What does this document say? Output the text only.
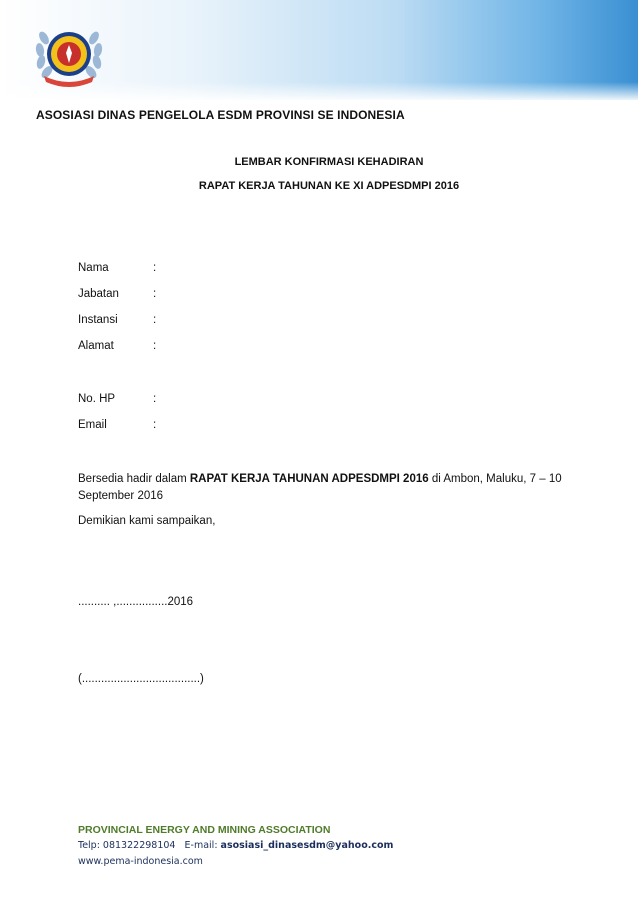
ASOSIASI DINAS PENGELOLA ESDM PROVINSI SE INDONESIA
LEMBAR KONFIRMASI KEHADIRAN
RAPAT KERJA TAHUNAN KE XI ADPESDMPI 2016
Nama	:
Jabatan	:
Instansi	:
Alamat	:
No. HP	:
Email	:
Bersedia hadir dalam RAPAT KERJA TAHUNAN ADPESDMPI 2016 di Ambon, Maluku, 7 – 10 September 2016
Demikian kami sampaikan,
.......... ,................2016
(.....................................)
PROVINCIAL ENERGY AND MINING ASSOCIATION
Telp: 081322298104 E-mail: asosiasi_dinasesdm@yahoo.com
www.pema-indonesia.com
